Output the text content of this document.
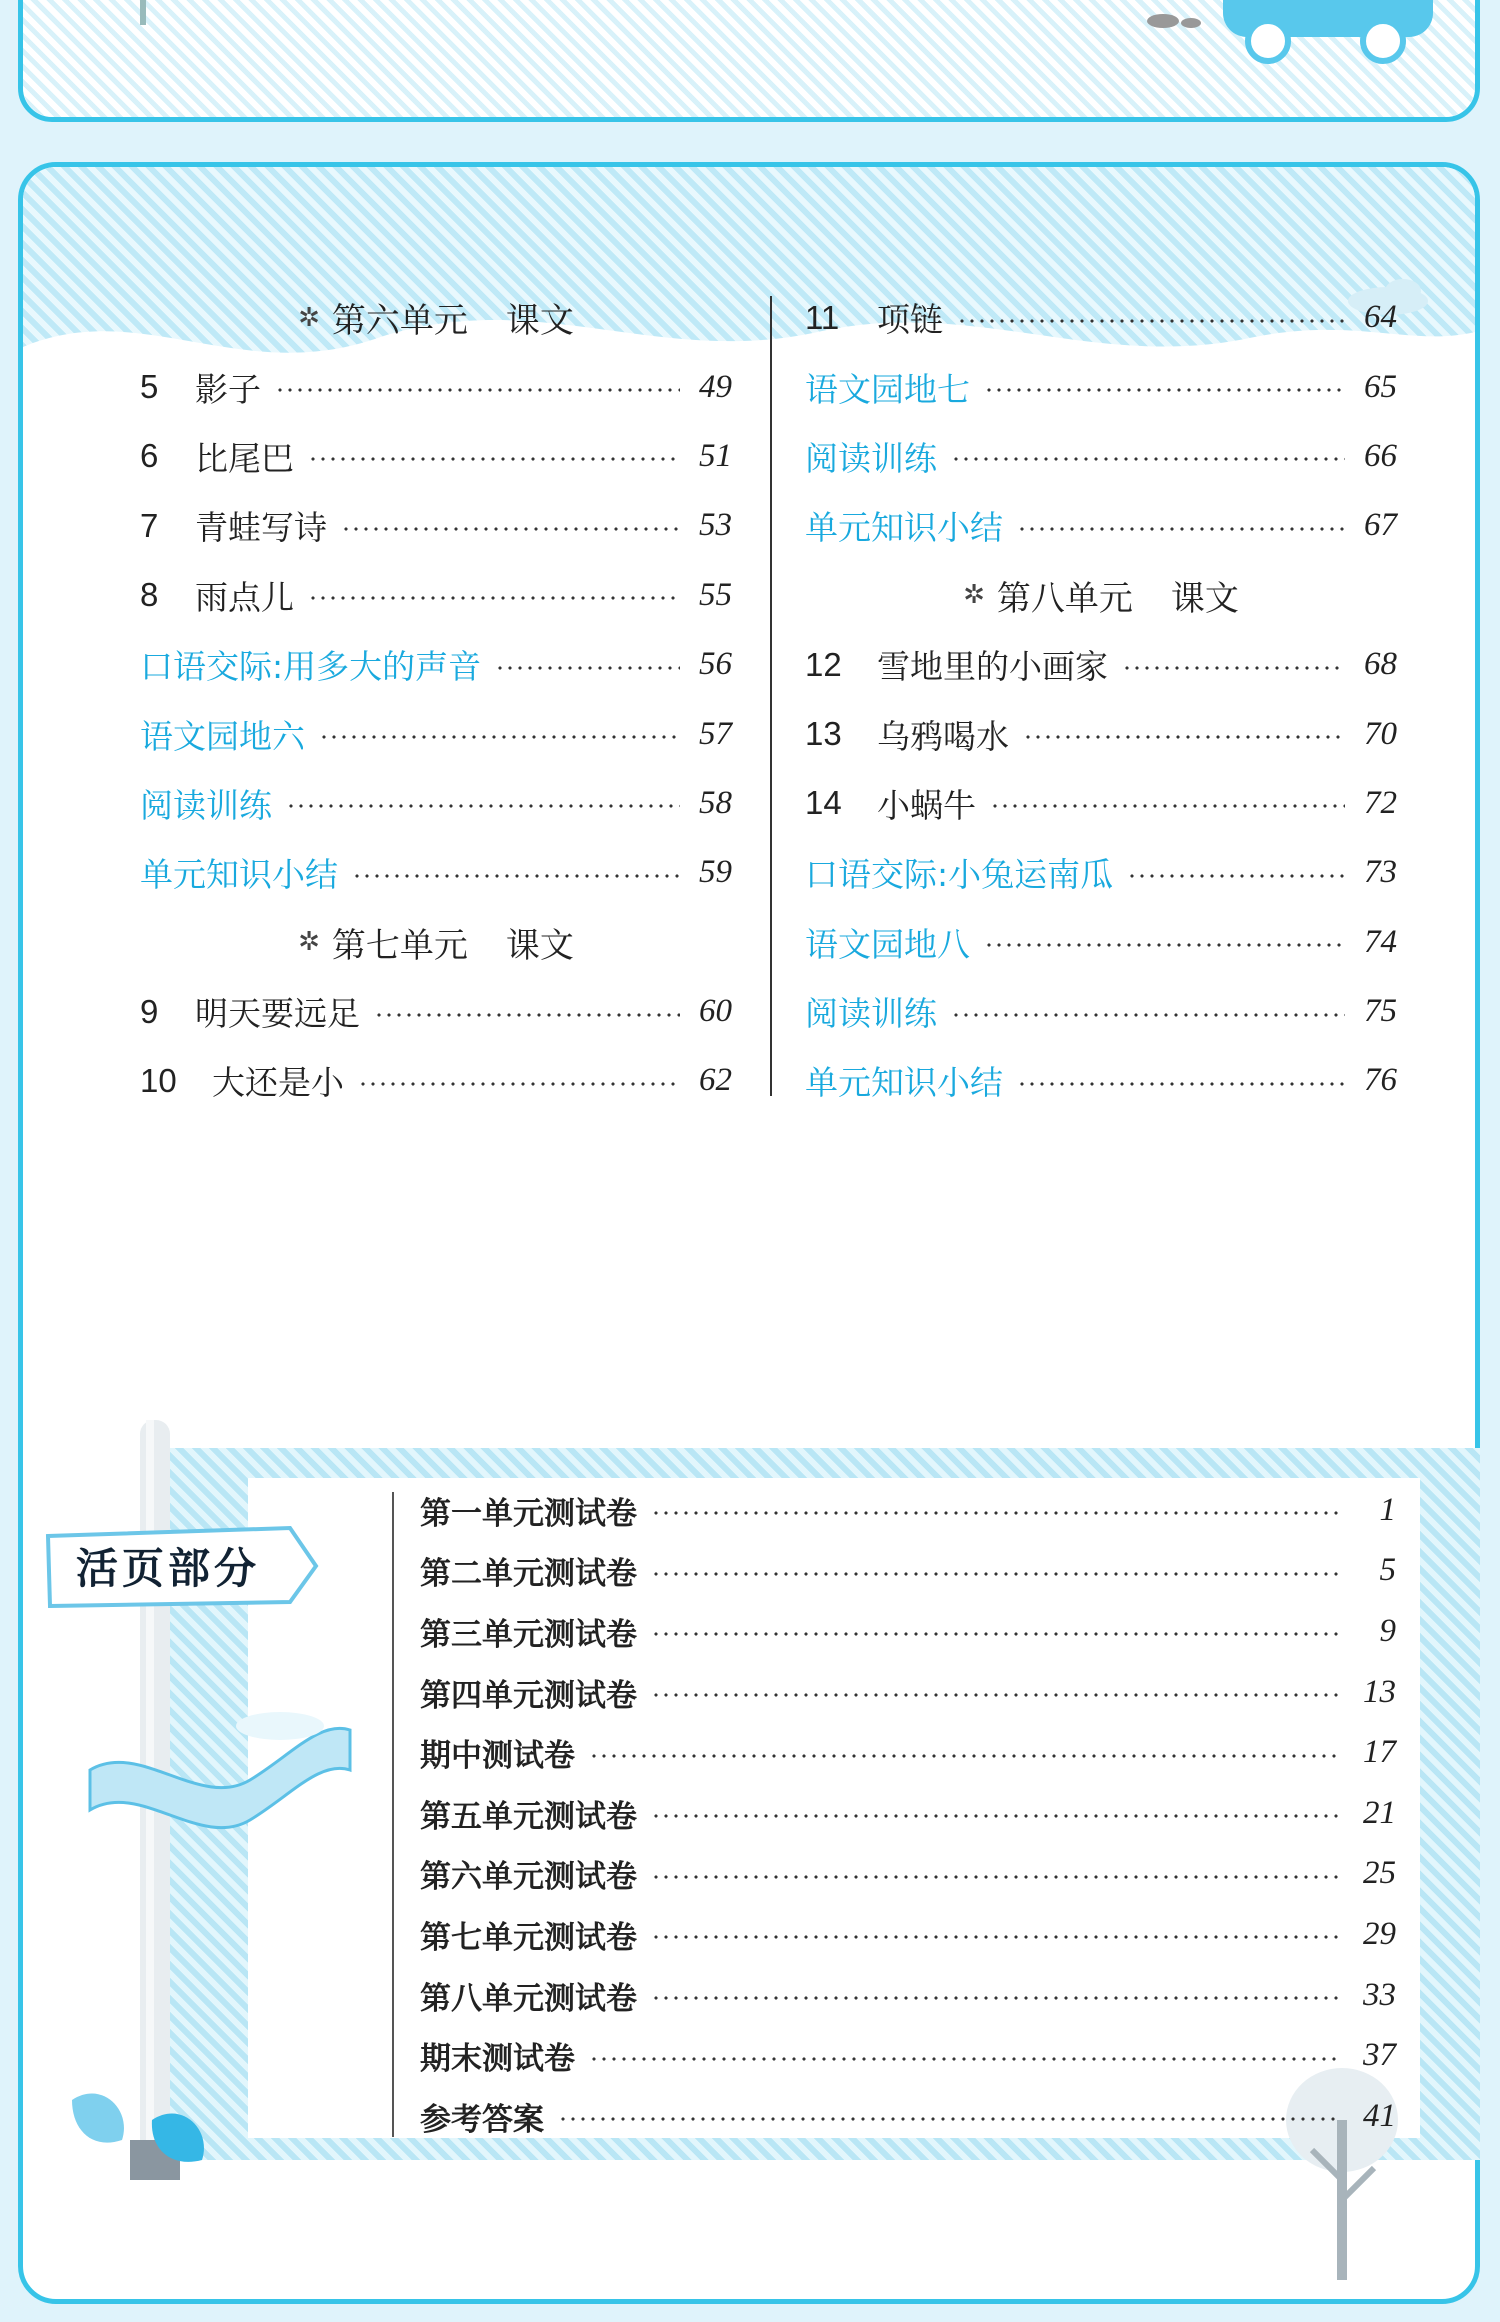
✲ 第六单元 课文
5	影子	49
6	比尾巴	51
7	青蛙写诗	53
8	雨点儿	55
口语交际:用多大的声音	56
语文园地六	57
阅读训练	58
单元知识小结	59
✲ 第七单元 课文
9	明天要远足	60
10	大还是小	62
11	项链	64
语文园地七	65
阅读训练	66
单元知识小结	67
✲ 第八单元 课文
12	雪地里的小画家	68
13	乌鸦喝水	70
14	小蜗牛	72
口语交际:小兔运南瓜	73
语文园地八	74
阅读训练	75
单元知识小结	76
活页部分
第一单元测试卷	1
第二单元测试卷	5
第三单元测试卷	9
第四单元测试卷	13
期中测试卷	17
第五单元测试卷	21
第六单元测试卷	25
第七单元测试卷	29
第八单元测试卷	33
期末测试卷	37
参考答案	41
